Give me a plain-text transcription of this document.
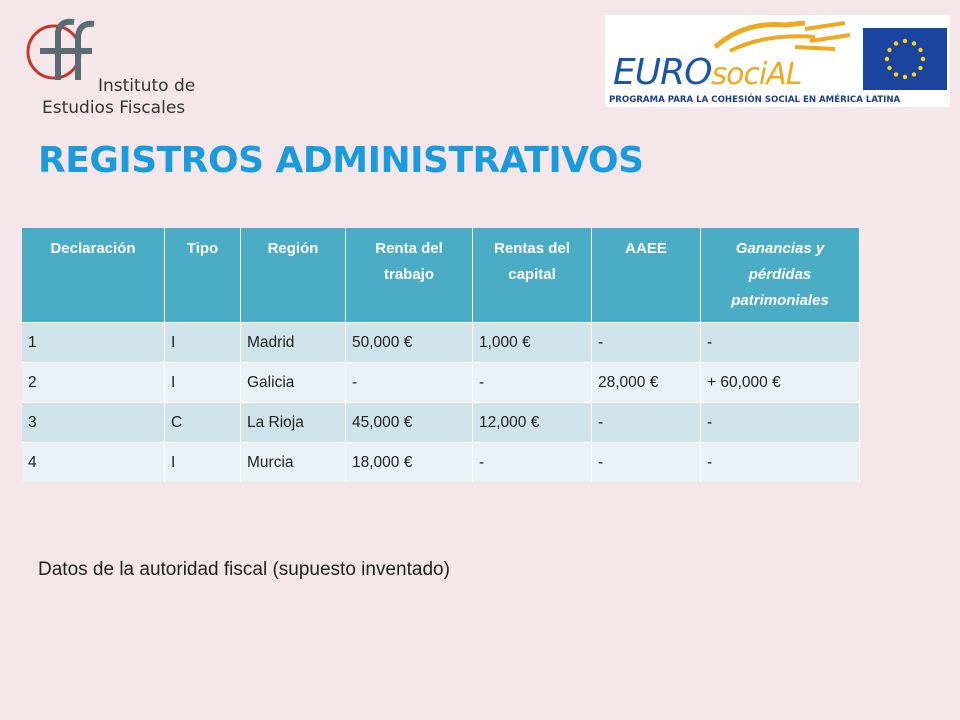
Instituto de
Estudios Fiscales
EUROsociAL
PROGRAMA PARA LA COHESIÓN SOCIAL EN AMÉRICA LATINA
REGISTROS ADMINISTRATIVOS
Declaración	Tipo	Región	Renta del trabajo	Rentas del capital	AAEE	Ganancias y pérdidas patrimoniales
1	I	Madrid	50,000 €	1,000 €	-	-
2	I	Galicia	-	-	28,000 €	+ 60,000 €
3	C	La Rioja	45,000 €	12,000 €	-	-
4	I	Murcia	18,000 €	-	-	-
Datos de la autoridad fiscal (supuesto inventado)
